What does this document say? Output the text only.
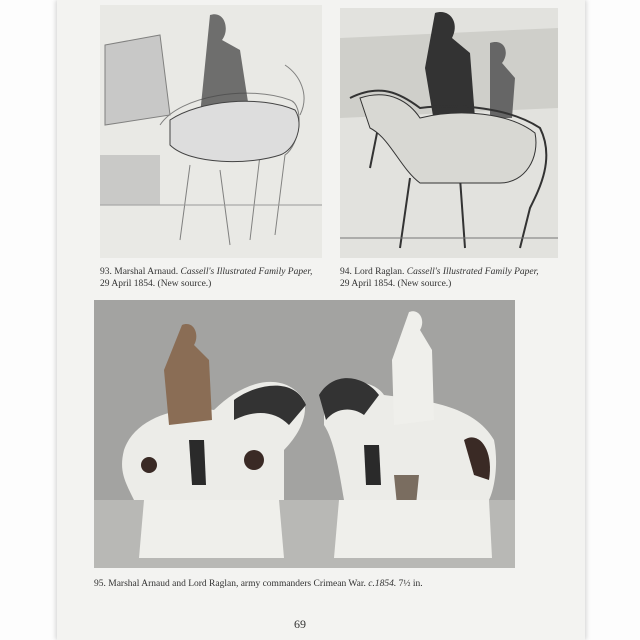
93. Marshal Arnaud. Cassell's Illustrated Family Paper,
29 April 1854. (New source.)
94. Lord Raglan. Cassell's Illustrated Family Paper,
29 April 1854. (New source.)
95. Marshal Arnaud and Lord Raglan, army commanders Crimean War. c.1854. 7½ in.
69
